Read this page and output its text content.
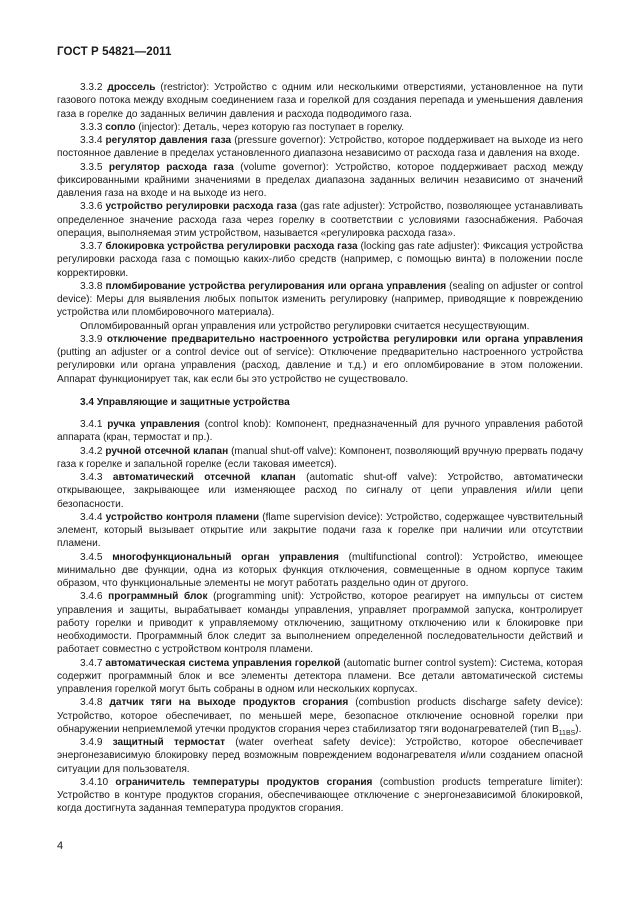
ГОСТ Р 54821—2011

3.3.2 дроссель (restrictor): Устройство с одним или несколькими отверстиями, установленное на пути газового потока между входным соединением газа и горелкой для создания перепада и уменьшения давления газа в горелке до заданных величин давления и расхода подводимого газа.

3.3.3 сопло (injector): Деталь, через которую газ поступает в горелку.

3.3.4 регулятор давления газа (pressure governor): Устройство, которое поддерживает на выходе из него постоянное давление в пределах установленного диапазона независимо от расхода газа и давления на входе.

3.3.5 регулятор расхода газа (volume governor): Устройство, которое поддерживает расход между фиксированными крайними значениями в пределах диапазона заданных величин независимо от значений давления газа на входе и на выходе из него.

3.3.6 устройство регулировки расхода газа (gas rate adjuster): Устройство, позволяющее устанавливать определенное значение расхода газа через горелку в соответствии с условиями газоснабжения. Рабочая операция, выполняемая этим устройством, называется «регулировка расхода газа».

3.3.7 блокировка устройства регулировки расхода газа (locking gas rate adjuster): Фиксация устройства регулировки расхода газа с помощью каких-либо средств (например, с помощью винта) в положении после корректировки.

3.3.8 пломбирование устройства регулирования или органа управления (sealing on adjuster or control device): Меры для выявления любых попыток изменить регулировку (например, приводящие к повреждению устройства или пломбировочного материала).

Опломбированный орган управления или устройство регулировки считается несуществующим.

3.3.9 отключение предварительно настроенного устройства регулировки или органа управления (putting an adjuster or a control device out of service): Отключение предварительно настроенного устройства регулировки или органа управления (расход, давление и т.д.) и его опломбирование в этом положении. Аппарат функционирует так, как если бы это устройство не существовало.

3.4 Управляющие и защитные устройства

3.4.1 ручка управления (control knob): Компонент, предназначенный для ручного управления работой аппарата (кран, термостат и пр.).

3.4.2 ручной отсечной клапан (manual shut-off valve): Компонент, позволяющий вручную прервать подачу газа к горелке и запальной горелке (если таковая имеется).

3.4.3 автоматический отсечной клапан (automatic shut-off valve): Устройство, автоматически открывающее, закрывающее или изменяющее расход по сигналу от цепи управления и/или цепи безопасности.

3.4.4 устройство контроля пламени (flame supervision device): Устройство, содержащее чувствительный элемент, который вызывает открытие или закрытие подачи газа к горелке при наличии или отсутствии пламени.

3.4.5 многофункциональный орган управления (multifunctional control): Устройство, имеющее минимально две функции, одна из которых функция отключения, совмещенные в одном корпусе таким образом, что функциональные элементы не могут работать раздельно один от другого.

3.4.6 программный блок (programming unit): Устройство, которое реагирует на импульсы от систем управления и защиты, вырабатывает команды управления, управляет программой запуска, контролирует работу горелки и приводит к управляемому отключению, защитному отключению или к блокировке при необходимости. Программный блок следит за выполнением определенной последовательности действий и работает совместно с устройством контроля пламени.

3.4.7 автоматическая система управления горелкой (automatic burner control system): Система, которая содержит программный блок и все элементы детектора пламени. Все детали автоматической системы управления горелкой могут быть собраны в одном или нескольких корпусах.

3.4.8 датчик тяги на выходе продуктов сгорания (combustion products discharge safety device): Устройство, которое обеспечивает, по меньшей мере, безопасное отключение основной горелки при обнаружении неприемлемой утечки продуктов сгорания через стабилизатор тяги водонагревателей (тип $В_{11BS}$).

3.4.9 защитный термостат (water overheat safety device): Устройство, которое обеспечивает энергонезависимую блокировку перед возможным повреждением водонагревателя и/или созданием опасной ситуации для пользователя.

3.4.10 ограничитель температуры продуктов сгорания (combustion products temperature limiter): Устройство в контуре продуктов сгорания, обеспечивающее отключение с энергонезависимой блокировкой, когда достигнута заданная температура продуктов сгорания.

4
